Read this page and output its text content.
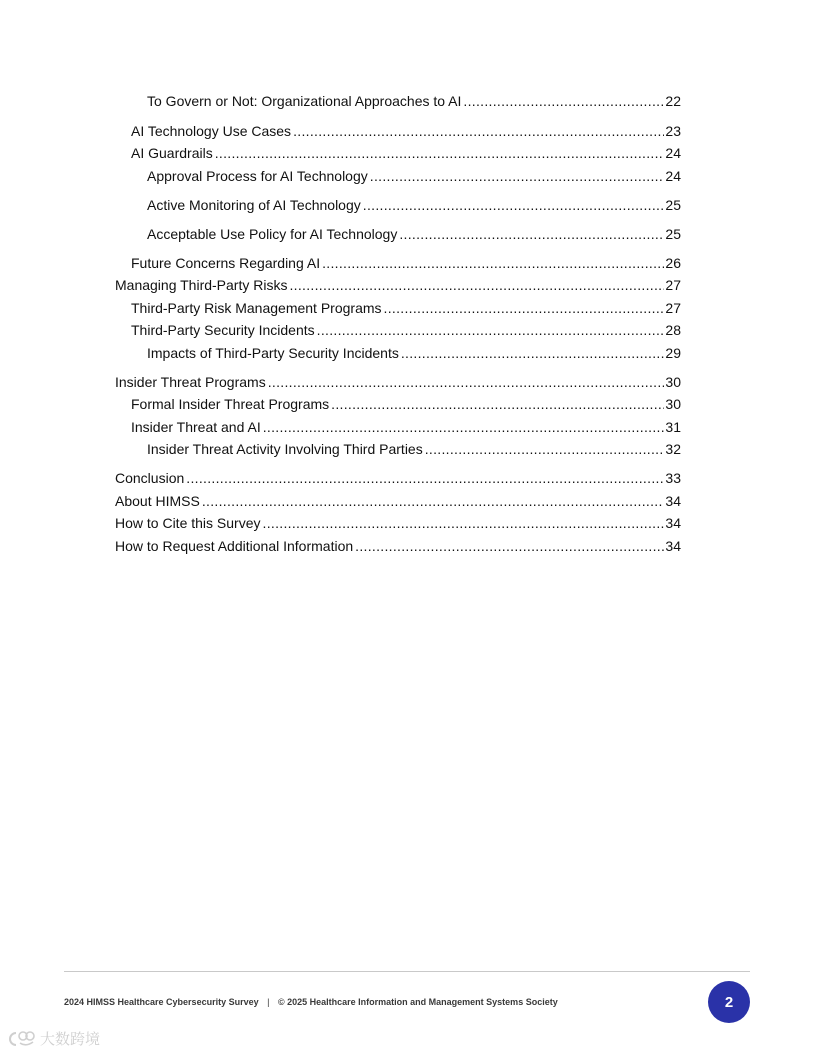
To Govern or Not: Organizational Approaches to AI .....	22
AI Technology Use Cases .....	23
AI Guardrails .....	24
Approval Process for AI Technology .....	24
Active Monitoring of AI Technology .....	25
Acceptable Use Policy for AI Technology .....	25
Future Concerns Regarding AI .....	26
Managing Third-Party Risks .....	27
Third-Party Risk Management Programs .....	27
Third-Party Security Incidents .....	28
Impacts of Third-Party Security Incidents .....	29
Insider Threat Programs .....	30
Formal Insider Threat Programs .....	30
Insider Threat and AI .....	31
Insider Threat Activity Involving Third Parties .....	32
Conclusion .....	33
About HIMSS .....	34
How to Cite this Survey .....	34
How to Request Additional Information .....	34
2024 HIMSS Healthcare Cybersecurity Survey | © 2025 Healthcare Information and Management Systems Society	2
大数跨境
